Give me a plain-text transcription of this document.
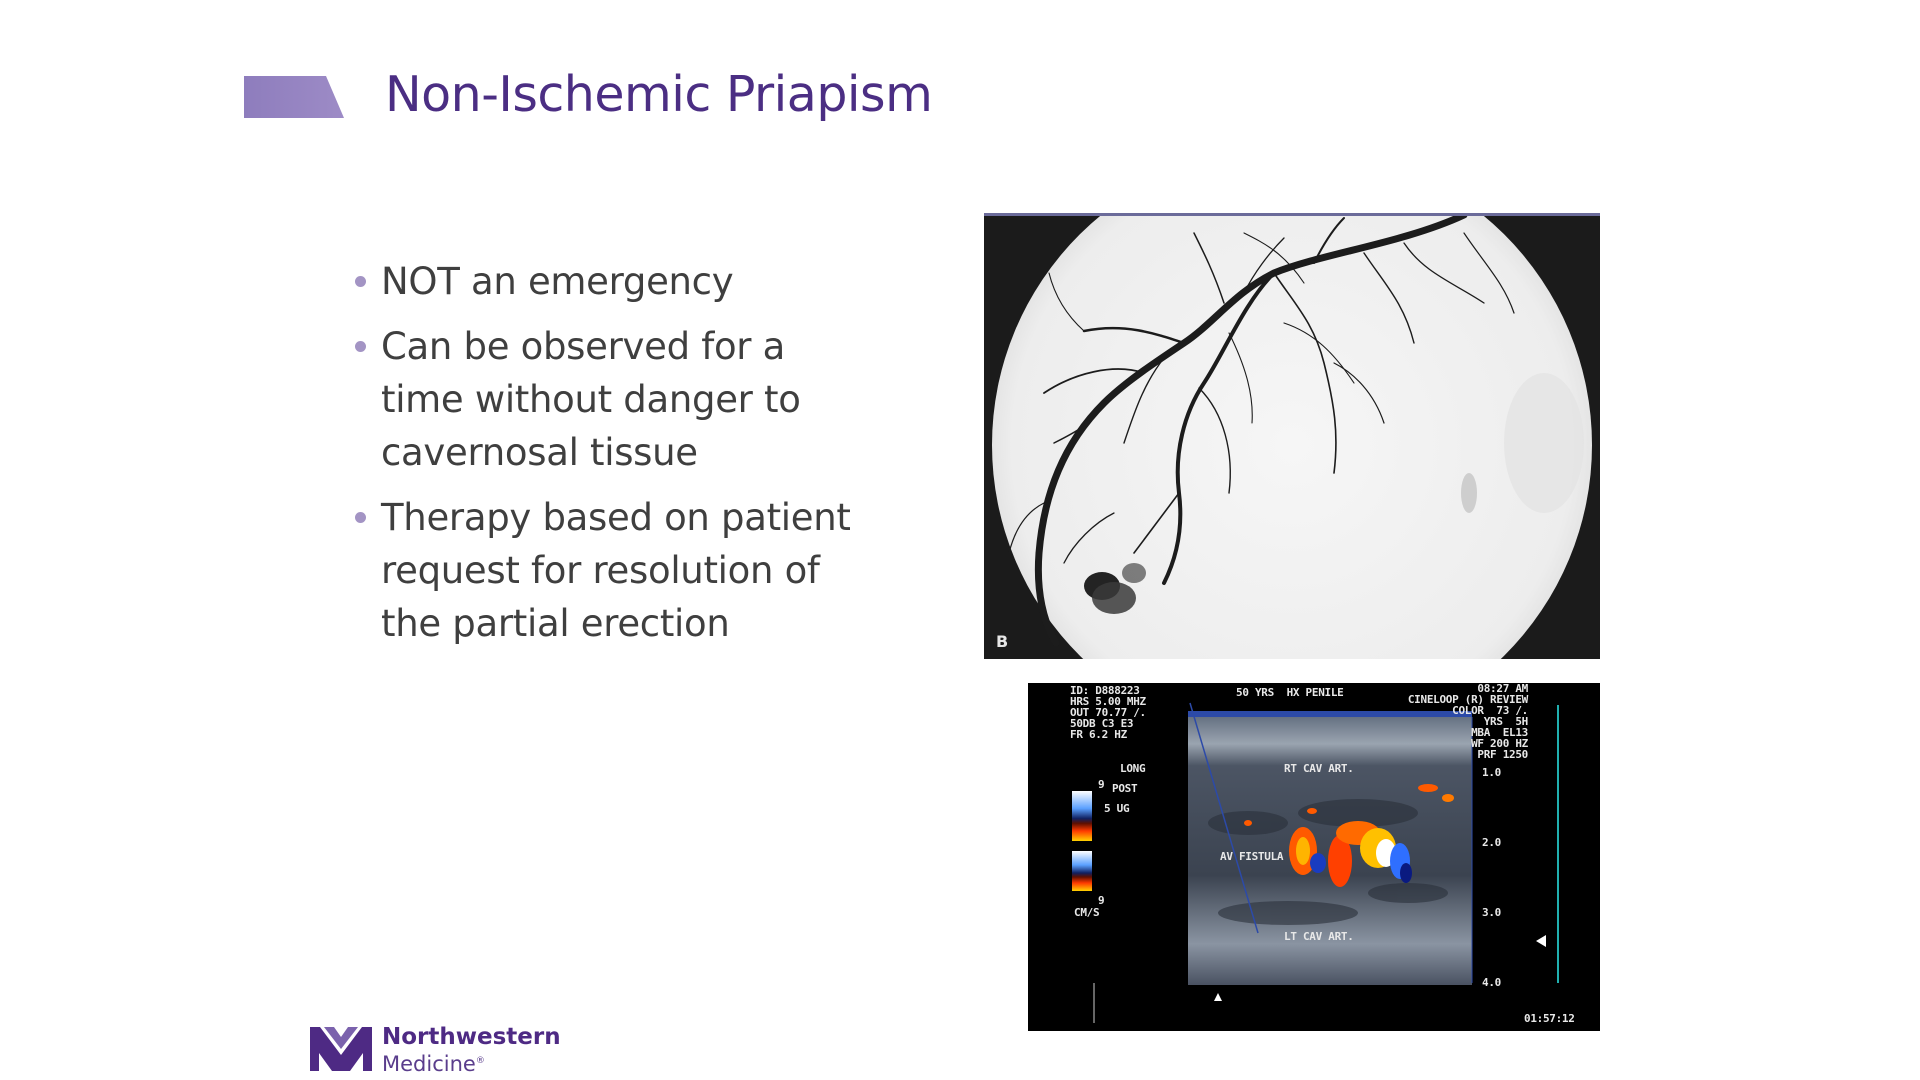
Non-Ischemic Priapism
NOT an emergency
Can be observed for a time without danger to cavernosal tissue
Therapy based on patient request for resolution of the partial erection	B
ID: D888223
HRS 5.00 MHZ
OUT 70.77 ∕.
50DB C3 E3
FR 6.2 HZ
50 YRS  HX PENILE	08:27 AM
CINELOOP (R) REVIEW
COLOR  73 ∕.
YRS  5H
MBA  EL13
WF 200 HZ
PRF 1250
LONG
POST
5 UG
9
9
CM/S
RT CAV ART.
AV FISTULA
LT CAV ART.
1.0
2.0
3.0
4.0
01:57:12
Northwestern
Medicine®
